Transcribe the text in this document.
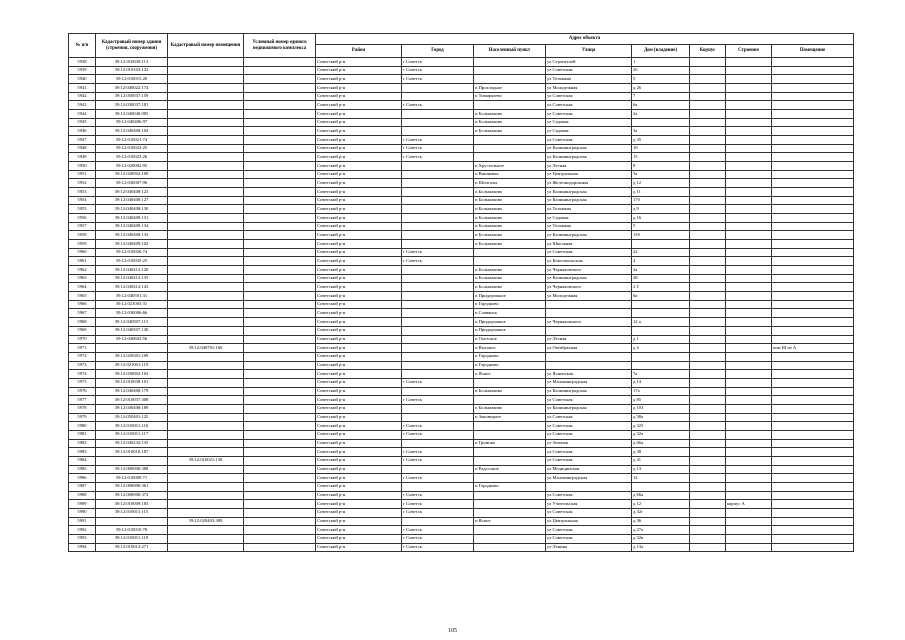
№ п/п	Кадастровый номер здания (строения, сооружения)	Кадастровый номер помещения	Условный номер единого недвижимого комплекса	Адрес объекта							
				Район	Город	Населенный пункт	Улица	Дом (владение)	Корпус	Строение	Помещение
5938	39:12:010030:113			Советский р-н	г Советск		ул Строителей	1			
5939	39:12:010103:132			Советский р-н	г Советск		ул Советская	2б			
5940	39:12:010015:20			Советский р-н	г Советск		ул Тельмана	5			
5941	39:12:040022:174			Советский р-н		п Прохладное	ул Молодежная	д 26			
5942	39:12:050037:159			Советский р-н		п Тимирязево	ул Советская	7			
5943	39:12:030037:181			Советский р-н	г Советск		ул Советская	6а			
5944	39:12:040040:085			Советский р-н		п Большаково	ул Советская	2а			
5945	39:12:040406:97			Советский р-н		п Большаково	ул Садовая				
5946	39:12:040408:102			Советский р-н		п Большаково	ул Садовая	3а			
5947	39:12:010021:74			Советский р-н	г Советск		ул Советская	д 35			
5948	39:12:010023:25			Советский р-н	г Советск		ул Калининградская	10			
5949	39:12:010023:26			Советский р-н	г Советск		ул Калининградская	15			
5950	39:12:020002:95			Советский р-н		п Хрустальное	ул Лесная	8			
5951	39:12:020002:109			Советский р-н		п Вишневка	ул Центральная	5а			
5952	39:12:030007:96			Советский р-н		п Шилгалы	ул Железнодорожная	д 12			
5953	39:12:040408:123			Советский р-н		п Большаково	ул Калининградская	д 11			
5954	39:12:040408:127			Советский р-н		п Большаково	ул Калининградская	17б			
5955	39:12:040408:130			Советский р-н		п Большаково	ул Тельмана	д 9			
5956	39:12:040408:131			Советский р-н		п Большаково	ул Садовая	д 16			
5957	39:12:040408:134			Советский р-н		п Большаково	ул Тельмана	5			
5958	39:12:040408:133			Советский р-н		п Большаково	ул Калининградская	13б			
5959	39:12:040409:102			Советский р-н		п Большаково	ул Школьная				
5960	39:12:010026:74			Советский р-н	г Советск		ул Советская	22			
5961	39:12:010035:25			Советский р-н	г Советск		ул Комсомольская	4			
5962	39:12:040412:120			Советский р-н		п Большаково	ул Черняховского	2а			
5963	39:12:040412:135			Советский р-н		п Большаково	ул Калининградская	28			
5964	39:12:040412:143			Советский р-н		п Большаково	ул Черняховского	2 Г			
5965	39:12:040501:31			Советский р-н		п Придорожное	ул Молодежная	6а			
5966	39:12:021003:31			Советский р-н		п Городково					
5967	39:12:030006:66			Советский р-н		п Славянск					
5968	39:12:040507:115			Советский р-н		п Придорожное	ул Черняховского	12 а			
5969	39:12:040507:130			Советский р-н		п Придорожное					
5970	39:12:040602:56			Советский р-н		п Охотское	ул Лесная	д 1			
5971		39:12:040701:166		Советский р-н		п Высокое	ул Октябрьская	д 4			пом III из А
5972	39:12:020301:109			Советский р-н		п Городково					
5973	39:12:021001:119			Советский р-н		п Городково					
5974	39:12:030002:103			Советский р-н		п Ясное	ул Ясненская	7а			
5975	39:12:010038:101			Советский р-н	г Советск		ул Маленинградская	д 14			
5976	39:12:040408:179			Советский р-н		п Большаково	ул Калининградская	17а			
5977	39:12:010037:308			Советский р-н	г Советск		ул Советская	д 85			
5978	39:12:040408:189			Советский р-н		п Большаково	ул Калининградская	д 103			
5979	39:12:050401:125			Советский р-н		п Заповедное	ул Советская	д 38а			
5980	39:12:010011:116			Советский р-н	г Советск		ул Советская	д 325			
5981	39:12:010011:117			Советский р-н	г Советск		ул Советская	д 32а			
5982	39:12:040232:135			Советский р-н		п Громово	ул Зеленая	д 66а			
5983	39:12:010010:187			Советский р-н	г Советск		ул Советская	д 38			
5984		39:12:010021:138		Советский р-н	г Советск		ул Советская	д 41			
5985	39:12:000000:388			Советский р-н		п Радостное	ул Медицинская	д 13			
5986	39:12:010009:71			Советский р-н	г Советск		ул Маленинградская	12			
5987	39:12:000000:361			Советский р-н		п Городково					
5988	39:12:000000:373			Советский р-н	г Советск		ул Советская	д 66а			
5989	39:12:010009:183			Советский р-н	г Советск		ул Учительская	д 12		корпус А	
5990	39:12:010011:115			Советский р-н	г Советск		ул Советская	д 32г			
5991		39:12:020403:309		Советский р-н		п Ясное	ул Центральная	д 36			
5992	39:12:010010:78			Советский р-н	г Советск		ул Советская	д 27а			
5993	39:12:010011:119			Советский р-н	г Советск		ул Советская	д 32в			
5994	39:12:010012:271			Советский р-н	г Советск		ул Ленина	д 13а			
105
